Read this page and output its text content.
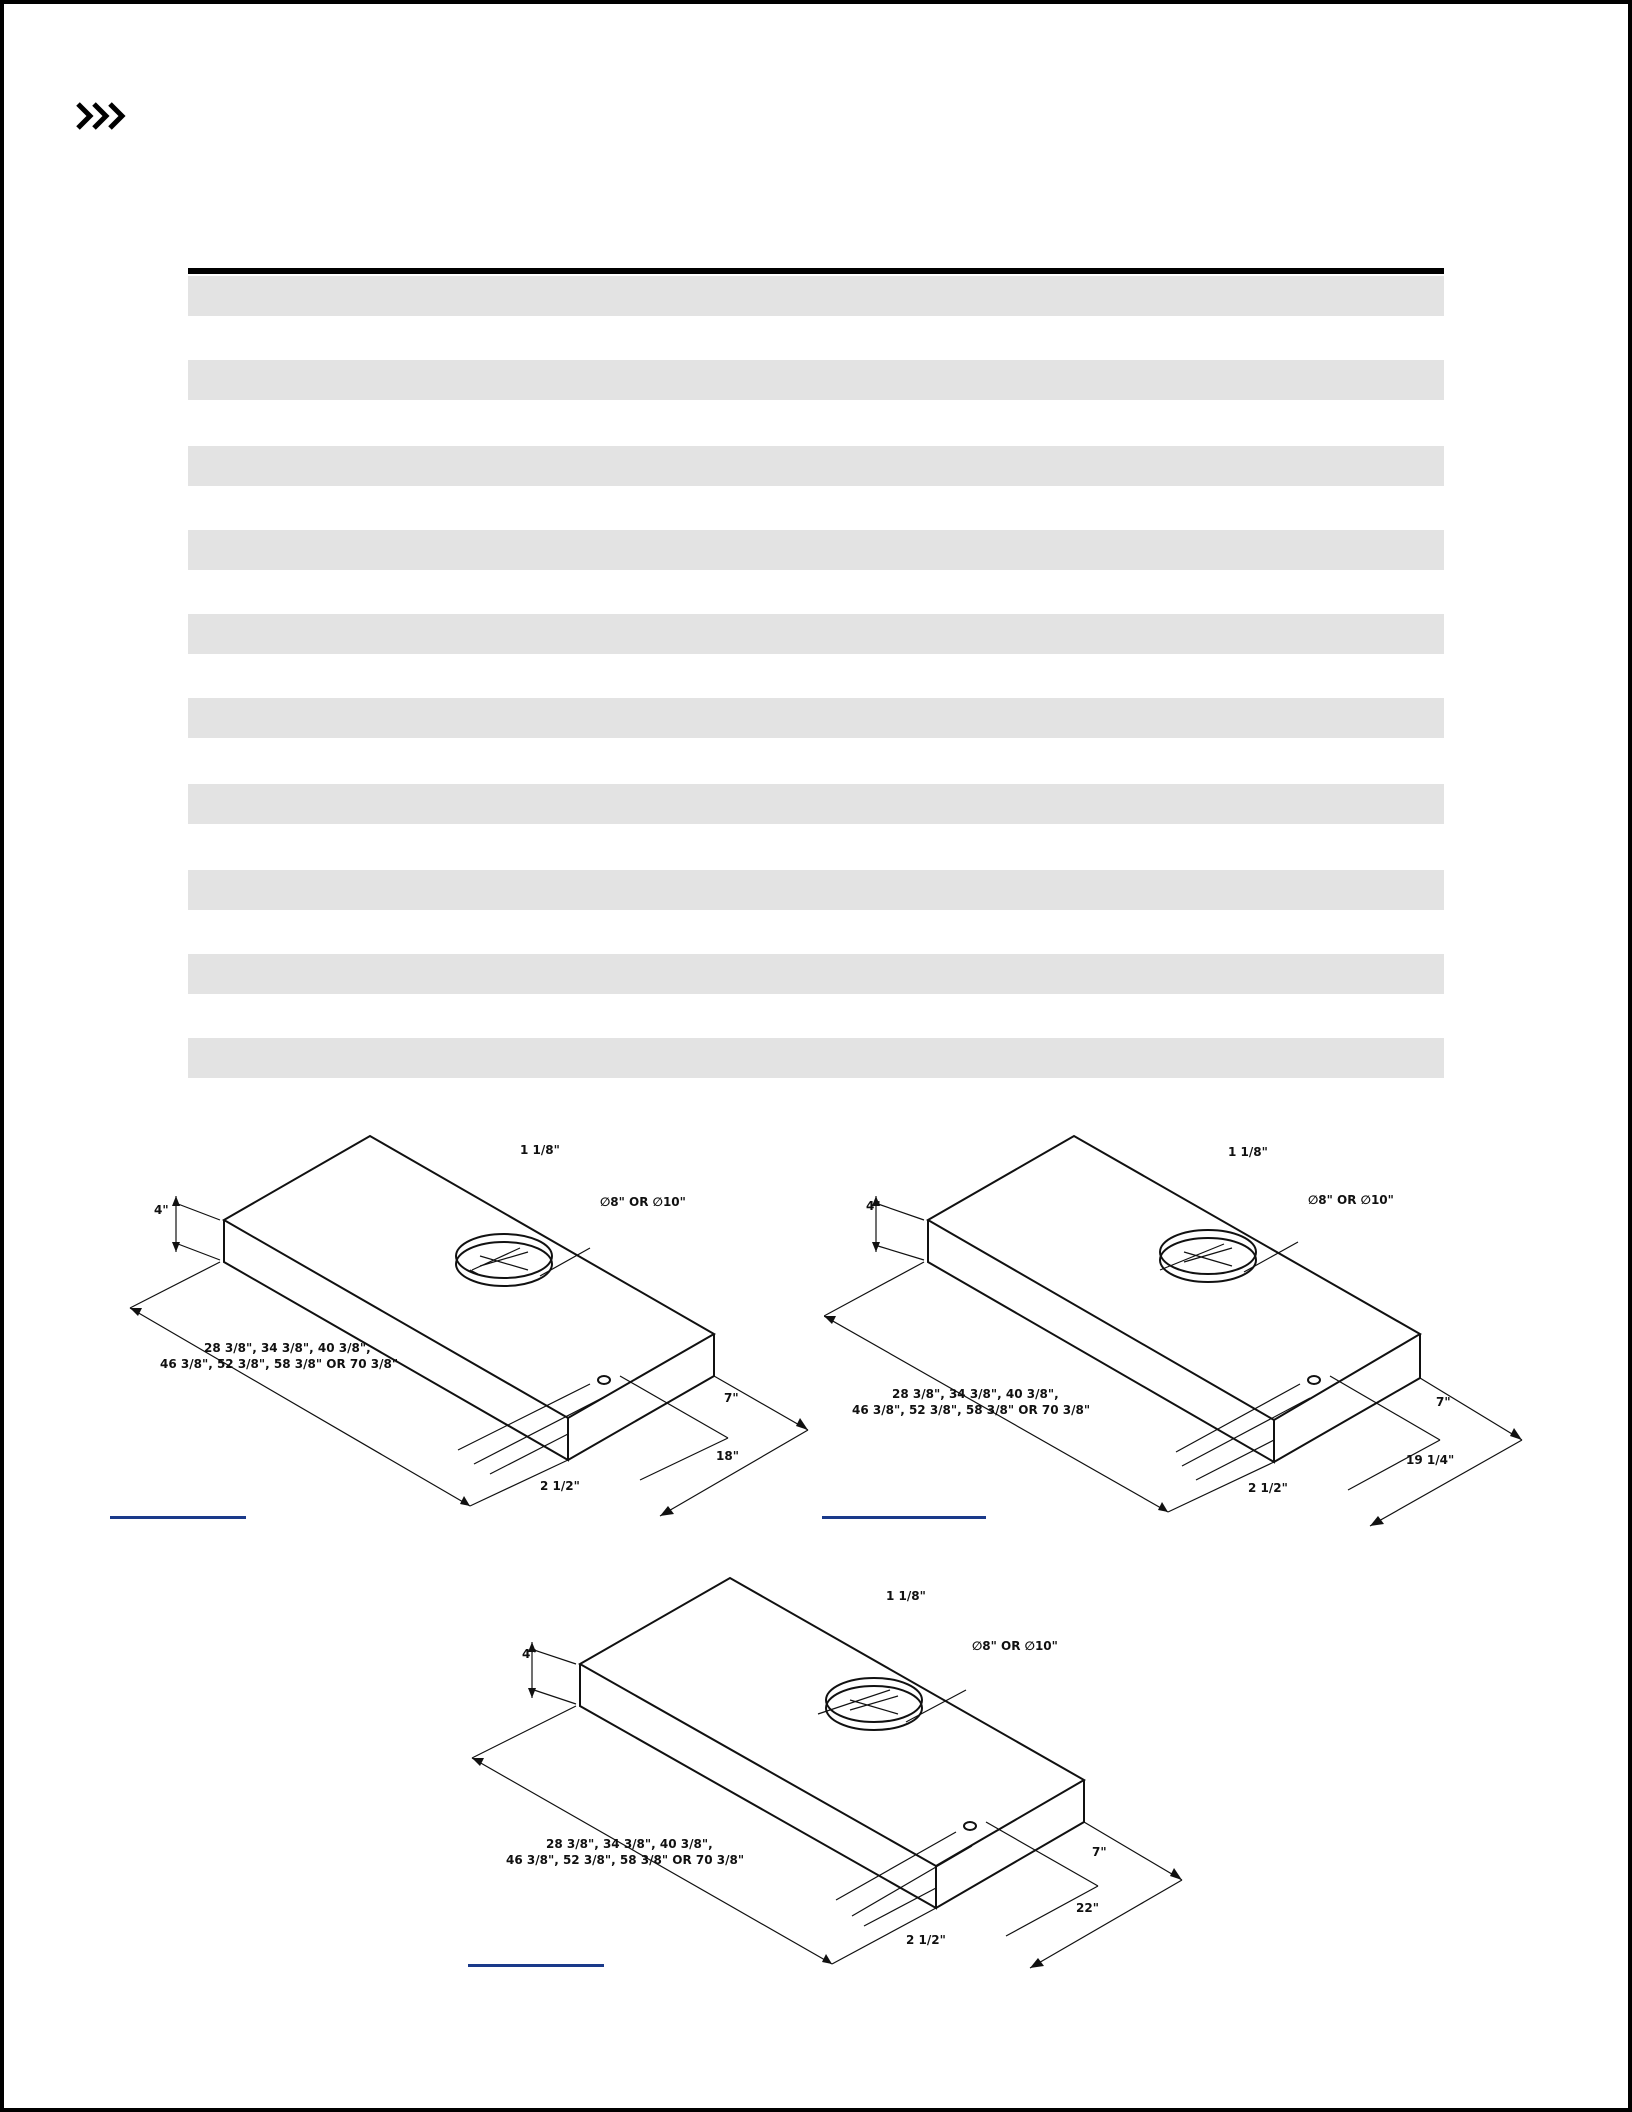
4"
1 1/8"
∅8" OR ∅10"
28 3/8", 34 3/8", 40 3/8",
46 3/8", 52 3/8", 58 3/8" OR 70 3/8"
7"
18"
2 1/2"
4"
1 1/8"
∅8" OR ∅10"
28 3/8", 34 3/8", 40 3/8",
46 3/8", 52 3/8", 58 3/8" OR 70 3/8"
7"
19 1/4"
2 1/2"
4"
1 1/8"
∅8" OR ∅10"
28 3/8", 34 3/8", 40 3/8",
46 3/8", 52 3/8", 58 3/8" OR 70 3/8"
7"
22"
2 1/2"
